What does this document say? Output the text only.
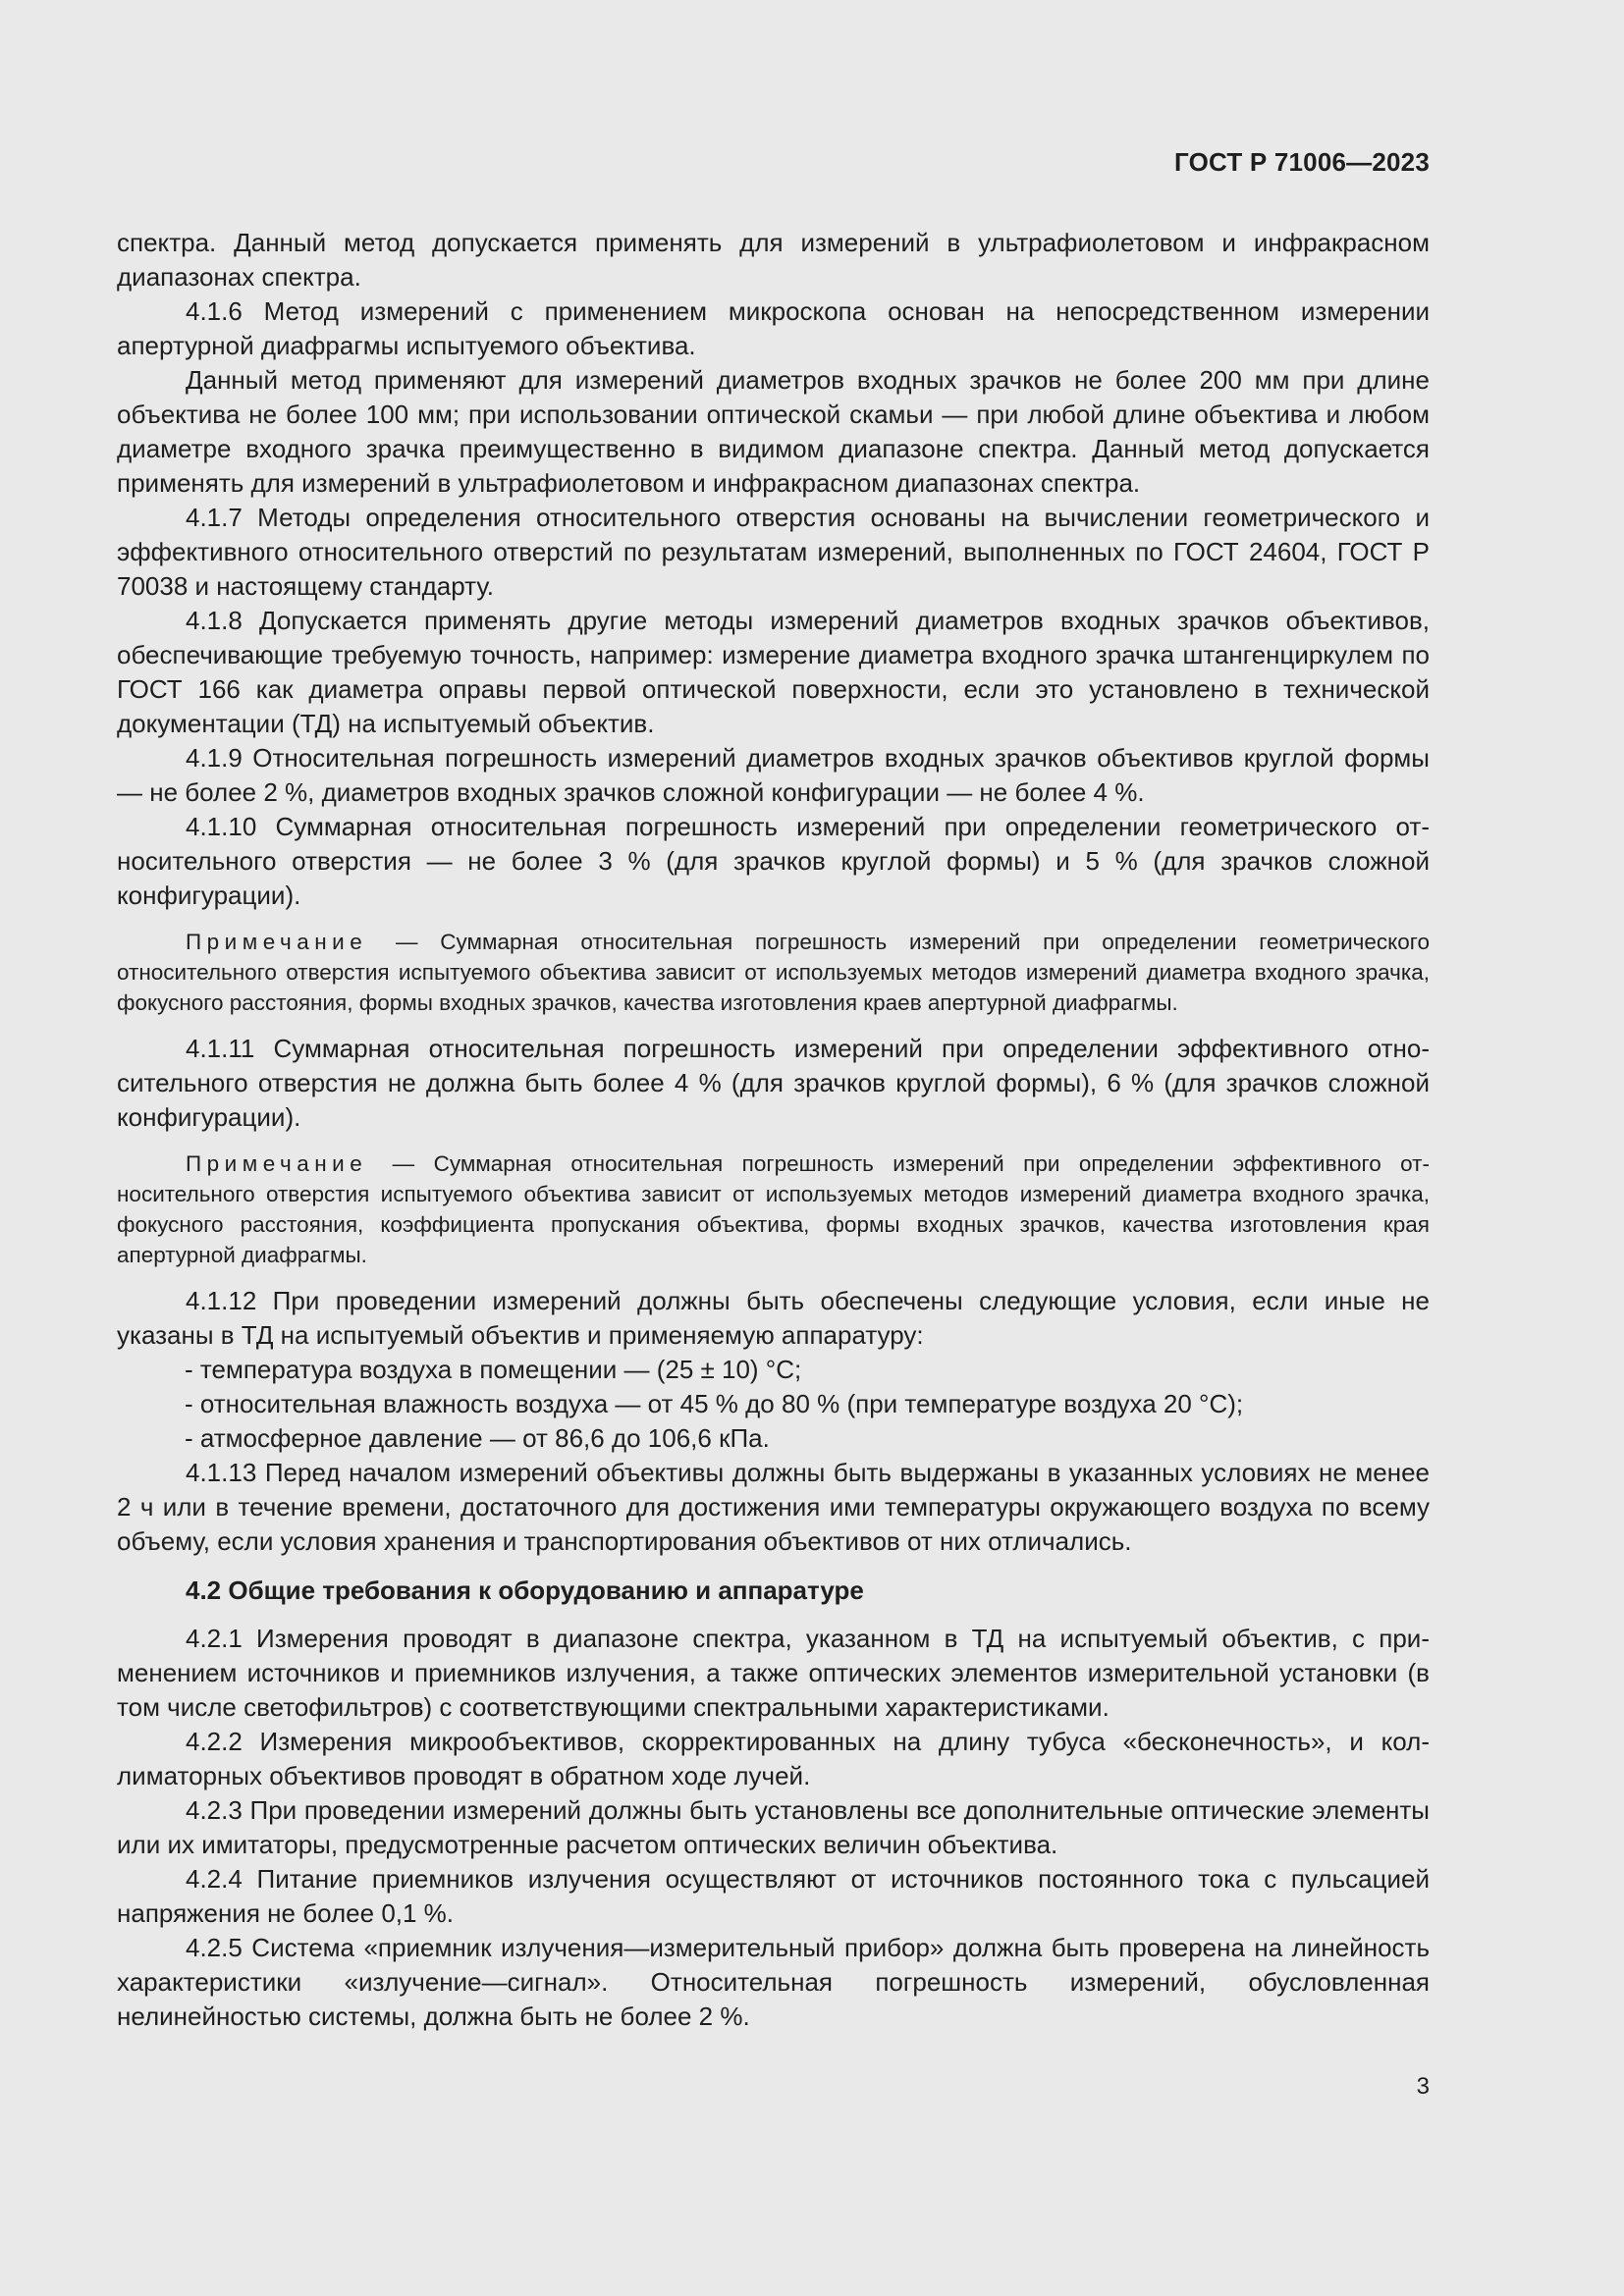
ГОСТ Р 71006—2023

спектра. Данный метод допускается применять для измерений в ультрафиолетовом и инфракрасном диапазонах спектра.

4.1.6 Метод измерений с применением микроскопа основан на непосредственном измерении апертурной диафрагмы испытуемого объектива.

Данный метод применяют для измерений диаметров входных зрачков не более 200 мм при длине объектива не более 100 мм; при использовании оптической скамьи — при любой длине объектива и любом диаметре входного зрачка преимущественно в видимом диапазоне спектра. Данный метод допускается применять для измерений в ультрафиолетовом и инфракрасном диапазонах спектра.

4.1.7 Методы определения относительного отверстия основаны на вычислении геометрического и эффективного относительного отверстий по результатам измерений, выполненных по ГОСТ 24604, ГОСТ Р 70038 и настоящему стандарту.

4.1.8 Допускается применять другие методы измерений диаметров входных зрачков объективов, обеспечивающие требуемую точность, например: измерение диаметра входного зрачка штангенциркулем по ГОСТ 166 как диаметра оправы первой оптической поверхности, если это установлено в технической документации (ТД) на испытуемый объектив.

4.1.9 Относительная погрешность измерений диаметров входных зрачков объективов круглой формы — не более 2 %, диаметров входных зрачков сложной конфигурации — не более 4 %.

4.1.10 Суммарная относительная погрешность измерений при определении геометрического относительного отверстия — не более 3 % (для зрачков круглой формы) и 5 % (для зрачков сложной конфигурации).

Примечание — Суммарная относительная погрешность измерений при определении геометрического относительного отверстия испытуемого объектива зависит от используемых методов измерений диаметра входного зрачка, фокусного расстояния, формы входных зрачков, качества изготовления краев апертурной диафрагмы.

4.1.11 Суммарная относительная погрешность измерений при определении эффективного относительного отверстия не должна быть более 4 % (для зрачков круглой формы), 6 % (для зрачков сложной конфигурации).

Примечание — Суммарная относительная погрешность измерений при определении эффективного относительного отверстия испытуемого объектива зависит от используемых методов измерений диаметра входного зрачка, фокусного расстояния, коэффициента пропускания объектива, формы входных зрачков, качества изготовления края апертурной диафрагмы.

4.1.12 При проведении измерений должны быть обеспечены следующие условия, если иные не указаны в ТД на испытуемый объектив и применяемую аппаратуру:

- температура воздуха в помещении — (25 ± 10) °С;

- относительная влажность воздуха — от 45 % до 80 % (при температуре воздуха 20 °С);

- атмосферное давление — от 86,6 до 106,6 кПа.

4.1.13 Перед началом измерений объективы должны быть выдержаны в указанных условиях не менее 2 ч или в течение времени, достаточного для достижения ими температуры окружающего воздуха по всему объему, если условия хранения и транспортирования объективов от них отличались.

4.2 Общие требования к оборудованию и аппаратуре

4.2.1 Измерения проводят в диапазоне спектра, указанном в ТД на испытуемый объектив, с применением источников и приемников излучения, а также оптических элементов измерительной установки (в том числе светофильтров) с соответствующими спектральными характеристиками.

4.2.2 Измерения микрообъективов, скорректированных на длину тубуса «бесконечность», и коллиматорных объективов проводят в обратном ходе лучей.

4.2.3 При проведении измерений должны быть установлены все дополнительные оптические элементы или их имитаторы, предусмотренные расчетом оптических величин объектива.

4.2.4 Питание приемников излучения осуществляют от источников постоянного тока с пульсацией напряжения не более 0,1 %.

4.2.5 Система «приемник излучения—измерительный прибор» должна быть проверена на линейность характеристики «излучение—сигнал». Относительная погрешность измерений, обусловленная нелинейностью системы, должна быть не более 2 %.

3
